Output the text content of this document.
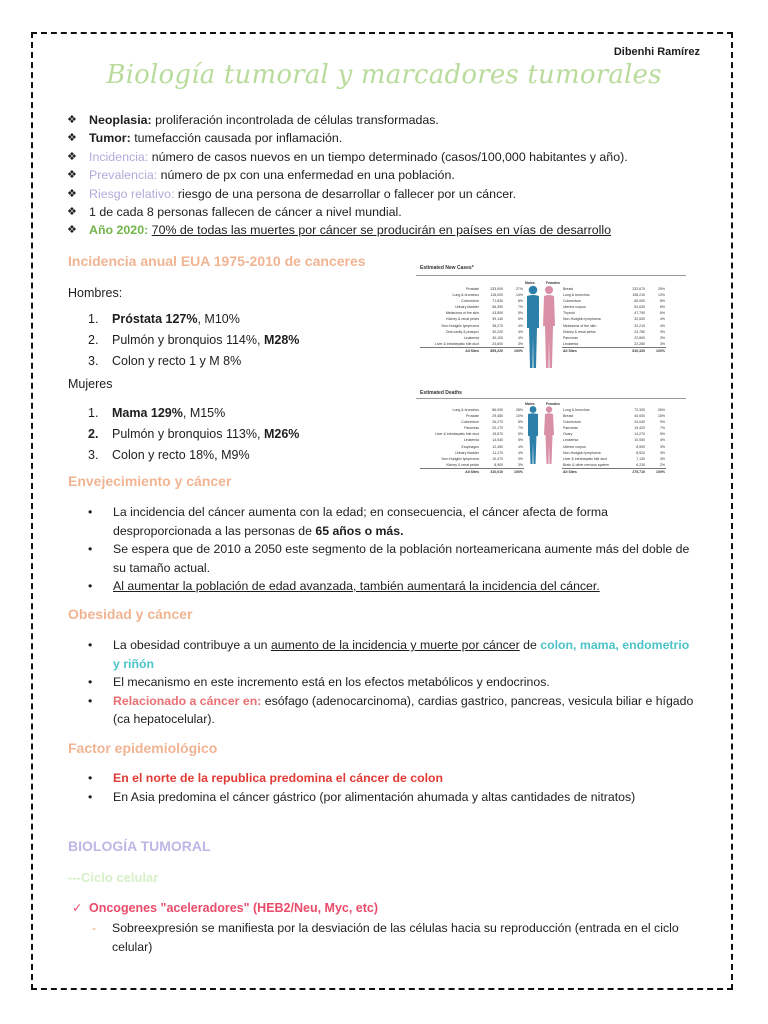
Dibenhi Ramírez
Biología tumoral y marcadores tumorales
❖ Neoplasia: proliferación incontrolada de células transformadas.
❖ Tumor: tumefacción causada por inflamación.
❖ Incidencia: número de casos nuevos en un tiempo determinado (casos/100,000 habitantes y año).
❖ Prevalencia: número de px con una enfermedad en una población.
❖ Riesgo relativo: riesgo de una persona de desarrollar o fallecer por un cáncer.
❖ 1 de cada 8 personas fallecen de cáncer a nivel mundial.
❖ Año 2020: 70% de todas las muertes por cáncer se producirán en países en vías de desarrollo
Incidencia anual EUA 1975-2010 de canceres
Hombres:
1. Próstata 127%, M10%
2. Pulmón y bronquios 114%, M28%
3. Colon y recto 1 y M 8%
Mujeres
1. Mama 129%, M15%
2. Pulmón y bronquios 113%, M26%
3. Colon y recto 18%, M9%
Estimated New Cases*
Males	Females
Prostate	233,000	27%
Lung & bronchus	116,000	14%
Colorectum	71,830	8%
Urinary bladder	56,390	7%
Melanoma of the skin	43,890	5%
Kidney & renal pelvis	39,140	5%
Non-Hodgkin lymphoma	38,270	4%
Oral cavity & pharynx	30,220	4%
Leukemia	30,100	4%
Liver & intrahepatic bile duct	24,600	3%
All Sites	855,220	100%
Breast	232,670	29%
Lung & bronchus	108,210	13%
Colorectum	65,000	8%
Uterine corpus	52,630	6%
Thyroid	47,790	6%
Non-Hodgkin lymphoma	32,530	4%
Melanoma of the skin	32,210	4%
Kidney & renal pelvis	24,780	3%
Pancreas	22,890	3%
Leukemia	22,280	3%
All Sites	810,320	100%
Estimated Deaths
Males	Females
Lung & bronchus	86,930	28%
Prostate	29,480	10%
Colorectum	26,270	8%
Pancreas	20,170	7%
Liver & intrahepatic bile duct	15,870	5%
Leukemia	14,040	5%
Esophagus	12,450	4%
Urinary bladder	11,170	4%
Non-Hodgkin lymphoma	10,470	3%
Kidney & renal pelvis	8,900	3%
All Sites	310,010	100%
Lung & bronchus	72,330	26%
Breast	40,000	15%
Colorectum	24,040	9%
Pancreas	19,420	7%
Ovary	14,270	5%
Leukemia	10,050	4%
Uterine corpus	8,590	3%
Non-Hodgkin lymphoma	8,520	3%
Liver & intrahepatic bile duct	7,130	3%
Brain & other nervous system	6,230	2%
All Sites	275,710	100%
Envejecimiento y cáncer
• La incidencia del cáncer aumenta con la edad; en consecuencia, el cáncer afecta de forma desproporcionada a las personas de 65 años o más.
• Se espera que de 2010 a 2050 este segmento de la población norteamericana aumente más del doble de su tamaño actual.
• Al aumentar la población de edad avanzada, también aumentará la incidencia del cáncer.
Obesidad y cáncer
• La obesidad contribuye a un aumento de la incidencia y muerte por cáncer de colon, mama, endometrio y riñón
• El mecanismo en este incremento está en los efectos metabólicos y endocrinos.
• Relacionado a cáncer en: esófago (adenocarcinoma), cardias gastrico, pancreas, vesicula biliar e hígado (ca hepatocelular).
Factor epidemiológico
• En el norte de la republica predomina el cáncer de colon
• En Asia predomina el cáncer gástrico (por alimentación ahumada y altas cantidades de nitratos)
BIOLOGÍA TUMORAL
---Ciclo celular
✓ Oncogenes "aceleradores" (HEB2/Neu, Myc, etc)
-	Sobreexpresión se manifiesta por la desviación de las células hacia su reproducción (entrada en el ciclo celular)
